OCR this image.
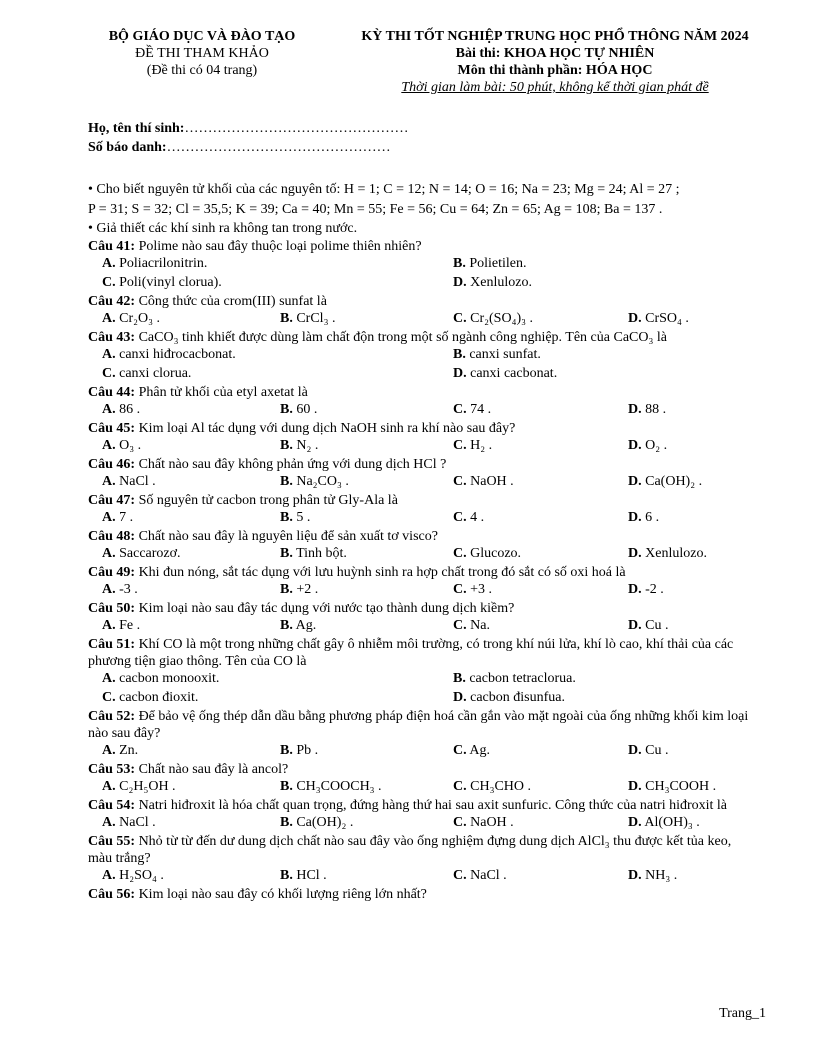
BỘ GIÁO DỤC VÀ ĐÀO TẠO
ĐỀ THI THAM KHẢO
(Đề thi có 04 trang)
KỲ THI TỐT NGHIỆP TRUNG HỌC PHỔ THÔNG NĂM 2024
Bài thi: KHOA HỌC TỰ NHIÊN
Môn thi thành phần: HÓA HỌC
Thời gian làm bài: 50 phút, không kể thời gian phát đề
Họ, tên thí sinh:…………………………………………
Số báo danh:…………………………………………
• Cho biết nguyên tử khối của các nguyên tố: H = 1; C = 12; N = 14; O = 16; Na = 23; Mg = 24; Al = 27 ;
P = 31; S = 32; Cl = 35,5; K = 39; Ca = 40; Mn = 55; Fe = 56; Cu = 64; Zn = 65; Ag = 108; Ba = 137 .
• Giả thiết các khí sinh ra không tan trong nước.
Câu 41: Polime nào sau đây thuộc loại polime thiên nhiên?
A. Poliacrilonitrin.	B. Polietilen.
C. Poli(vinyl clorua).	D. Xenlulozo.
Câu 42: Công thức của crom(III) sunfat là
A. Cr₂O₃ .	B. CrCl₃ .	C. Cr₂(SO₄)₃ .	D. CrSO₄ .
Câu 43: CaCO₃ tinh khiết được dùng làm chất độn trong một số ngành công nghiệp. Tên của CaCO₃ là
A. canxi hiđrocacbonat.	B. canxi sunfat.
C. canxi clorua.	D. canxi cacbonat.
Câu 44: Phân tử khối của etyl axetat là
A. 86 .	B. 60 .	C. 74 .	D. 88 .
Câu 45: Kim loại Al tác dụng với dung dịch NaOH sinh ra khí nào sau đây?
A. O₃ .	B. N₂ .	C. H₂ .	D. O₂ .
Câu 46: Chất nào sau đây không phản ứng với dung dịch HCl ?
A. NaCl .	B. Na₂CO₃ .	C. NaOH .	D. Ca(OH)₂ .
Câu 47: Số nguyên tử cacbon trong phân tử Gly-Ala là
A. 7 .	B. 5 .	C. 4 .	D. 6 .
Câu 48: Chất nào sau đây là nguyên liệu để sản xuất tơ visco?
A. Saccarozơ.	B. Tinh bột.	C. Glucozo.	D. Xenlulozo.
Câu 49: Khi đun nóng, sắt tác dụng với lưu huỳnh sinh ra hợp chất trong đó sắt có số oxi hoá là
A. -3 .	B. +2 .	C. +3 .	D. -2 .
Câu 50: Kim loại nào sau đây tác dụng với nước tạo thành dung dịch kiềm?
A. Fe .	B. Ag.	C. Na.	D. Cu .
Câu 51: Khí CO là một trong những chất gây ô nhiễm môi trường, có trong khí núi lửa, khí lò cao, khí thải của các phương tiện giao thông. Tên của CO là
A. cacbon monooxit.	B. cacbon tetraclorua.
C. cacbon đioxit.	D. cacbon đisunfua.
Câu 52: Để bảo vệ ống thép dẫn dầu bằng phương pháp điện hoá cần gắn vào mặt ngoài của ống những khối kim loại nào sau đây?
A. Zn.	B. Pb .	C. Ag.	D. Cu .
Câu 53: Chất nào sau đây là ancol?
A. C₂H₅OH .	B. CH₃COOCH₃ .	C. CH₃CHO .	D. CH₃COOH .
Câu 54: Natri hiđroxit là hóa chất quan trọng, đứng hàng thứ hai sau axit sunfuric. Công thức của natri hiđroxit là
A. NaCl .	B. Ca(OH)₂ .	C. NaOH .	D. Al(OH)₃ .
Câu 55: Nhỏ từ từ đến dư dung dịch chất nào sau đây vào ống nghiệm đựng dung dịch AlCl₃ thu được kết tủa keo, màu trắng?
A. H₂SO₄ .	B. HCl .	C. NaCl .	D. NH₃ .
Câu 56: Kim loại nào sau đây có khối lượng riêng lớn nhất?
Trang_1
